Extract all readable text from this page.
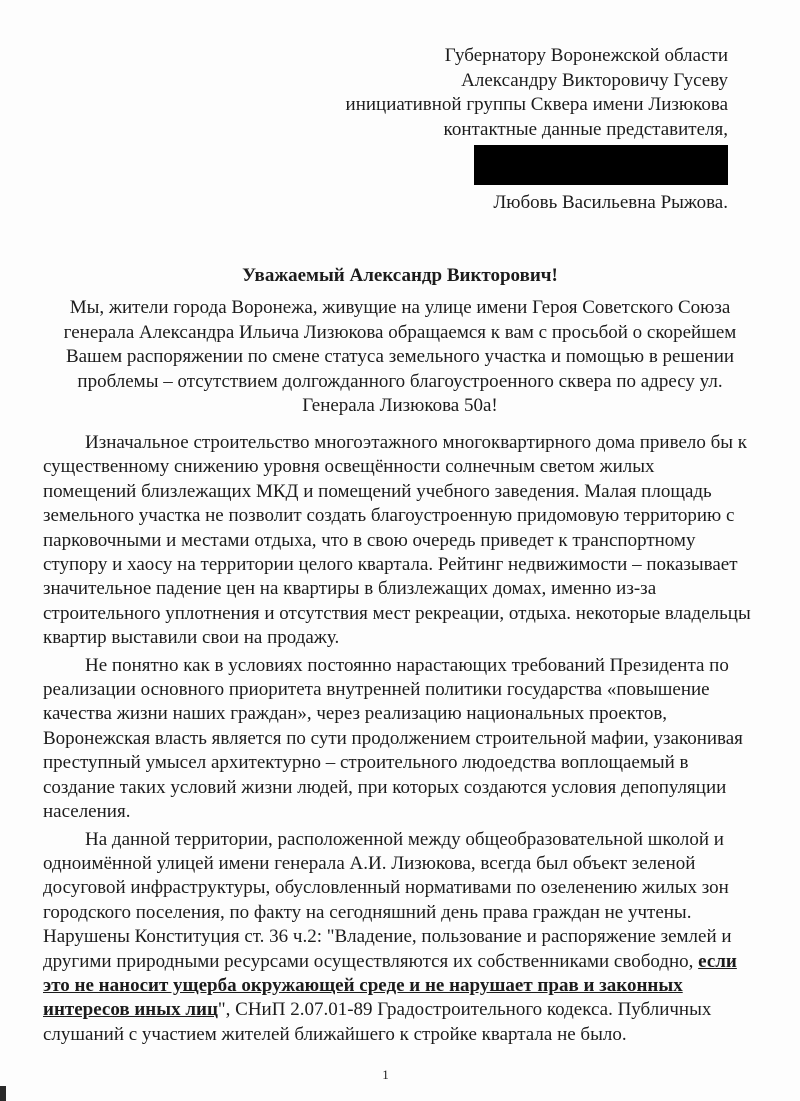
Губернатору Воронежской области
Александру Викторовичу Гусеву
инициативной группы Сквера имени Лизюкова
контактные данные представителя,
Любовь Васильевна Рыжова.
Уважаемый Александр Викторович!
Мы, жители города Воронежа, живущие на улице имени Героя Советского Союза
генерала Александра Ильича Лизюкова обращаемся к вам с просьбой о скорейшем
Вашем распоряжении по смене статуса земельного участка и помощью в решении
проблемы – отсутствием долгожданного благоустроенного сквера по адресу ул.
Генерала Лизюкова 50а!
Изначальное строительство многоэтажного многоквартирного дома привело бы к
существенному снижению уровня освещённости солнечным светом жилых
помещений близлежащих МКД и помещений учебного заведения. Малая площадь
земельного участка не позволит создать благоустроенную придомовую территорию с
парковочными и местами отдыха, что в свою очередь приведет к транспортному
ступору и хаосу на территории целого квартала. Рейтинг недвижимости – показывает
значительное падение цен на квартиры в близлежащих домах, именно из-за
строительного уплотнения и отсутствия мест рекреации, отдыха. некоторые владельцы
квартир выставили свои на продажу.
Не понятно как в условиях постоянно нарастающих требований Президента по
реализации основного приоритета внутренней политики государства «повышение
качества жизни наших граждан», через реализацию национальных проектов,
Воронежская власть является по сути продолжением строительной мафии, узаконивая
преступный умысел архитектурно – строительного людоедства воплощаемый в
создание таких условий жизни людей, при которых создаются условия депопуляции
населения.
На данной территории, расположенной между общеобразовательной школой и
одноимённой улицей имени генерала А.И. Лизюкова, всегда был объект зеленой
досуговой инфраструктуры, обусловленный нормативами по озеленению жилых зон
городского поселения, по факту на сегодняшний день права граждан не учтены.
Нарушены Конституция ст. 36 ч.2: "Владение, пользование и распоряжение землей и
другими природными ресурсами осуществляются их собственниками свободно, если
это не наносит ущерба окружающей среде и не нарушает прав и законных
интересов иных лиц", СНиП 2.07.01-89 Градостроительного кодекса. Публичных
слушаний с участием жителей ближайшего к стройке квартала не было.
1
